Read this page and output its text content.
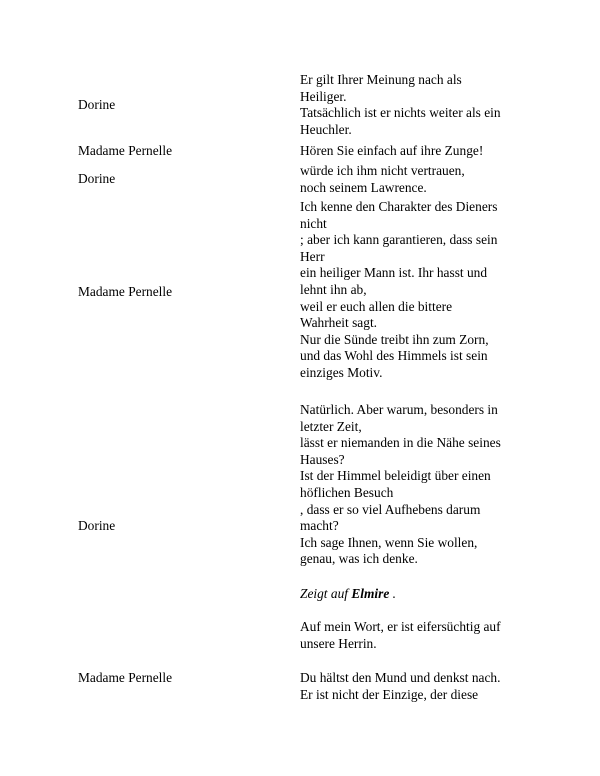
Dorine
Er gilt Ihrer Meinung nach als
Heiliger.
Tatsächlich ist er nichts weiter als ein
Heuchler.
Madame Pernelle	Hören Sie einfach auf ihre Zunge!
Dorine
würde ich ihm nicht vertrauen,
noch seinem Lawrence.
Madame Pernelle
Ich kenne den Charakter des Dieners
nicht
; aber ich kann garantieren, dass sein
Herr
ein heiliger Mann ist. Ihr hasst und
lehnt ihn ab,
weil er euch allen die bittere
Wahrheit sagt.
Nur die Sünde treibt ihn zum Zorn,
und das Wohl des Himmels ist sein
einziges Motiv.
Dorine
Natürlich. Aber warum, besonders in
letzter Zeit,
lässt er niemanden in die Nähe seines
Hauses?
Ist der Himmel beleidigt über einen
höflichen Besuch
, dass er so viel Aufhebens darum
macht?
Ich sage Ihnen, wenn Sie wollen,
genau, was ich denke.
Zeigt auf Elmire .
Auf mein Wort, er ist eifersüchtig auf
unsere Herrin.
Madame Pernelle	Du hältst den Mund und denkst nach.
Er ist nicht der Einzige, der diese
